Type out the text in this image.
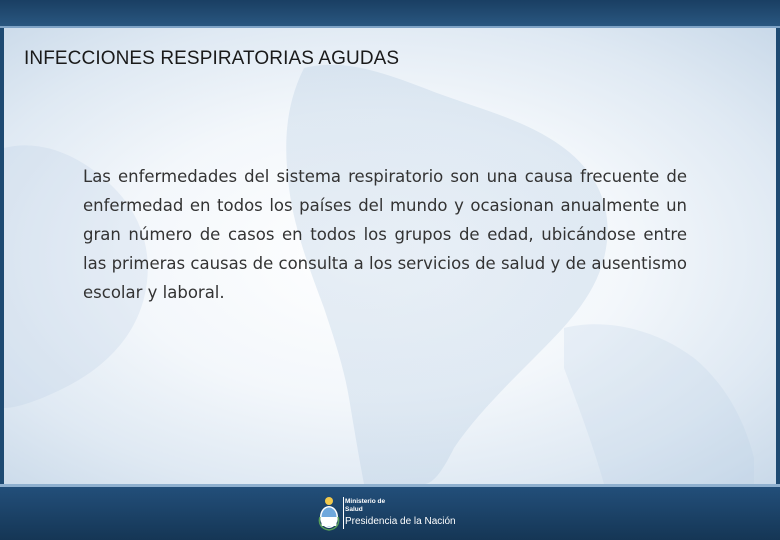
INFECCIONES RESPIRATORIAS AGUDAS

Las enfermedades del sistema respiratorio son una causa frecuente de enfermedad en todos los países del mundo y ocasionan anualmente un gran número de casos en todos los grupos de edad, ubicándose entre las primeras causas de consulta a los servicios de salud y de ausentismo escolar y laboral.

Ministerio de
Salud
Presidencia de la Nación
